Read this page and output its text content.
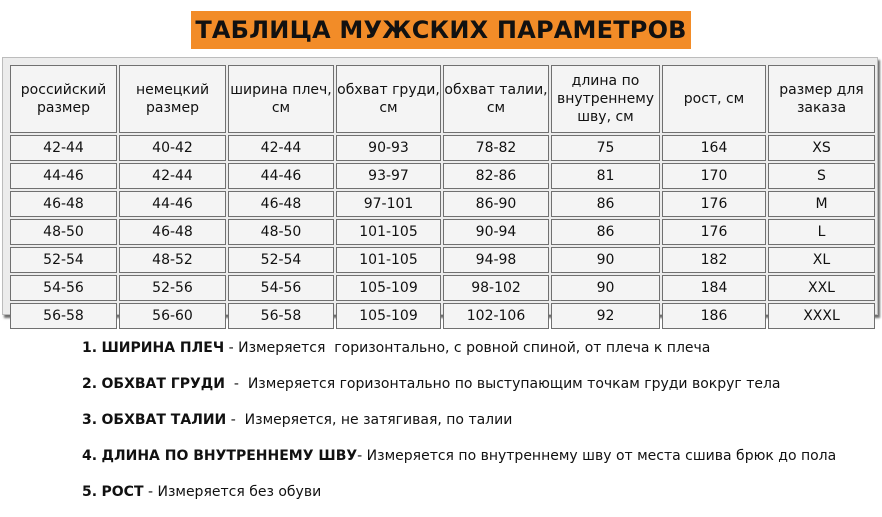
ТАБЛИЦА МУЖСКИХ ПАРАМЕТРОВ
российский размер	немецкий размер	ширина плеч, см	обхват груди, см	обхват талии, см	длина по внутреннему шву, см	рост, см	размер для заказа
42-44	40-42	42-44	90-93	78-82	75	164	XS
44-46	42-44	44-46	93-97	82-86	81	170	S
46-48	44-46	46-48	97-101	86-90	86	176	M
48-50	46-48	48-50	101-105	90-94	86	176	L
52-54	48-52	52-54	101-105	94-98	90	182	XL
54-56	52-56	54-56	105-109	98-102	90	184	XXL
56-58	56-60	56-58	105-109	102-106	92	186	XXXL
1. ШИРИНА ПЛЕЧ - Измеряется  горизонтально, с ровной спиной, от плеча к плеча
2. ОБХВАТ ГРУДИ  -  Измеряется горизонтально по выступающим точкам груди вокруг тела
3. ОБХВАТ ТАЛИИ -  Измеряется, не затягивая, по талии
4. ДЛИНА ПО ВНУТРЕННЕМУ ШВУ- Измеряется по внутреннему шву от места сшива брюк до пола
5. РОСТ - Измеряется без обуви
